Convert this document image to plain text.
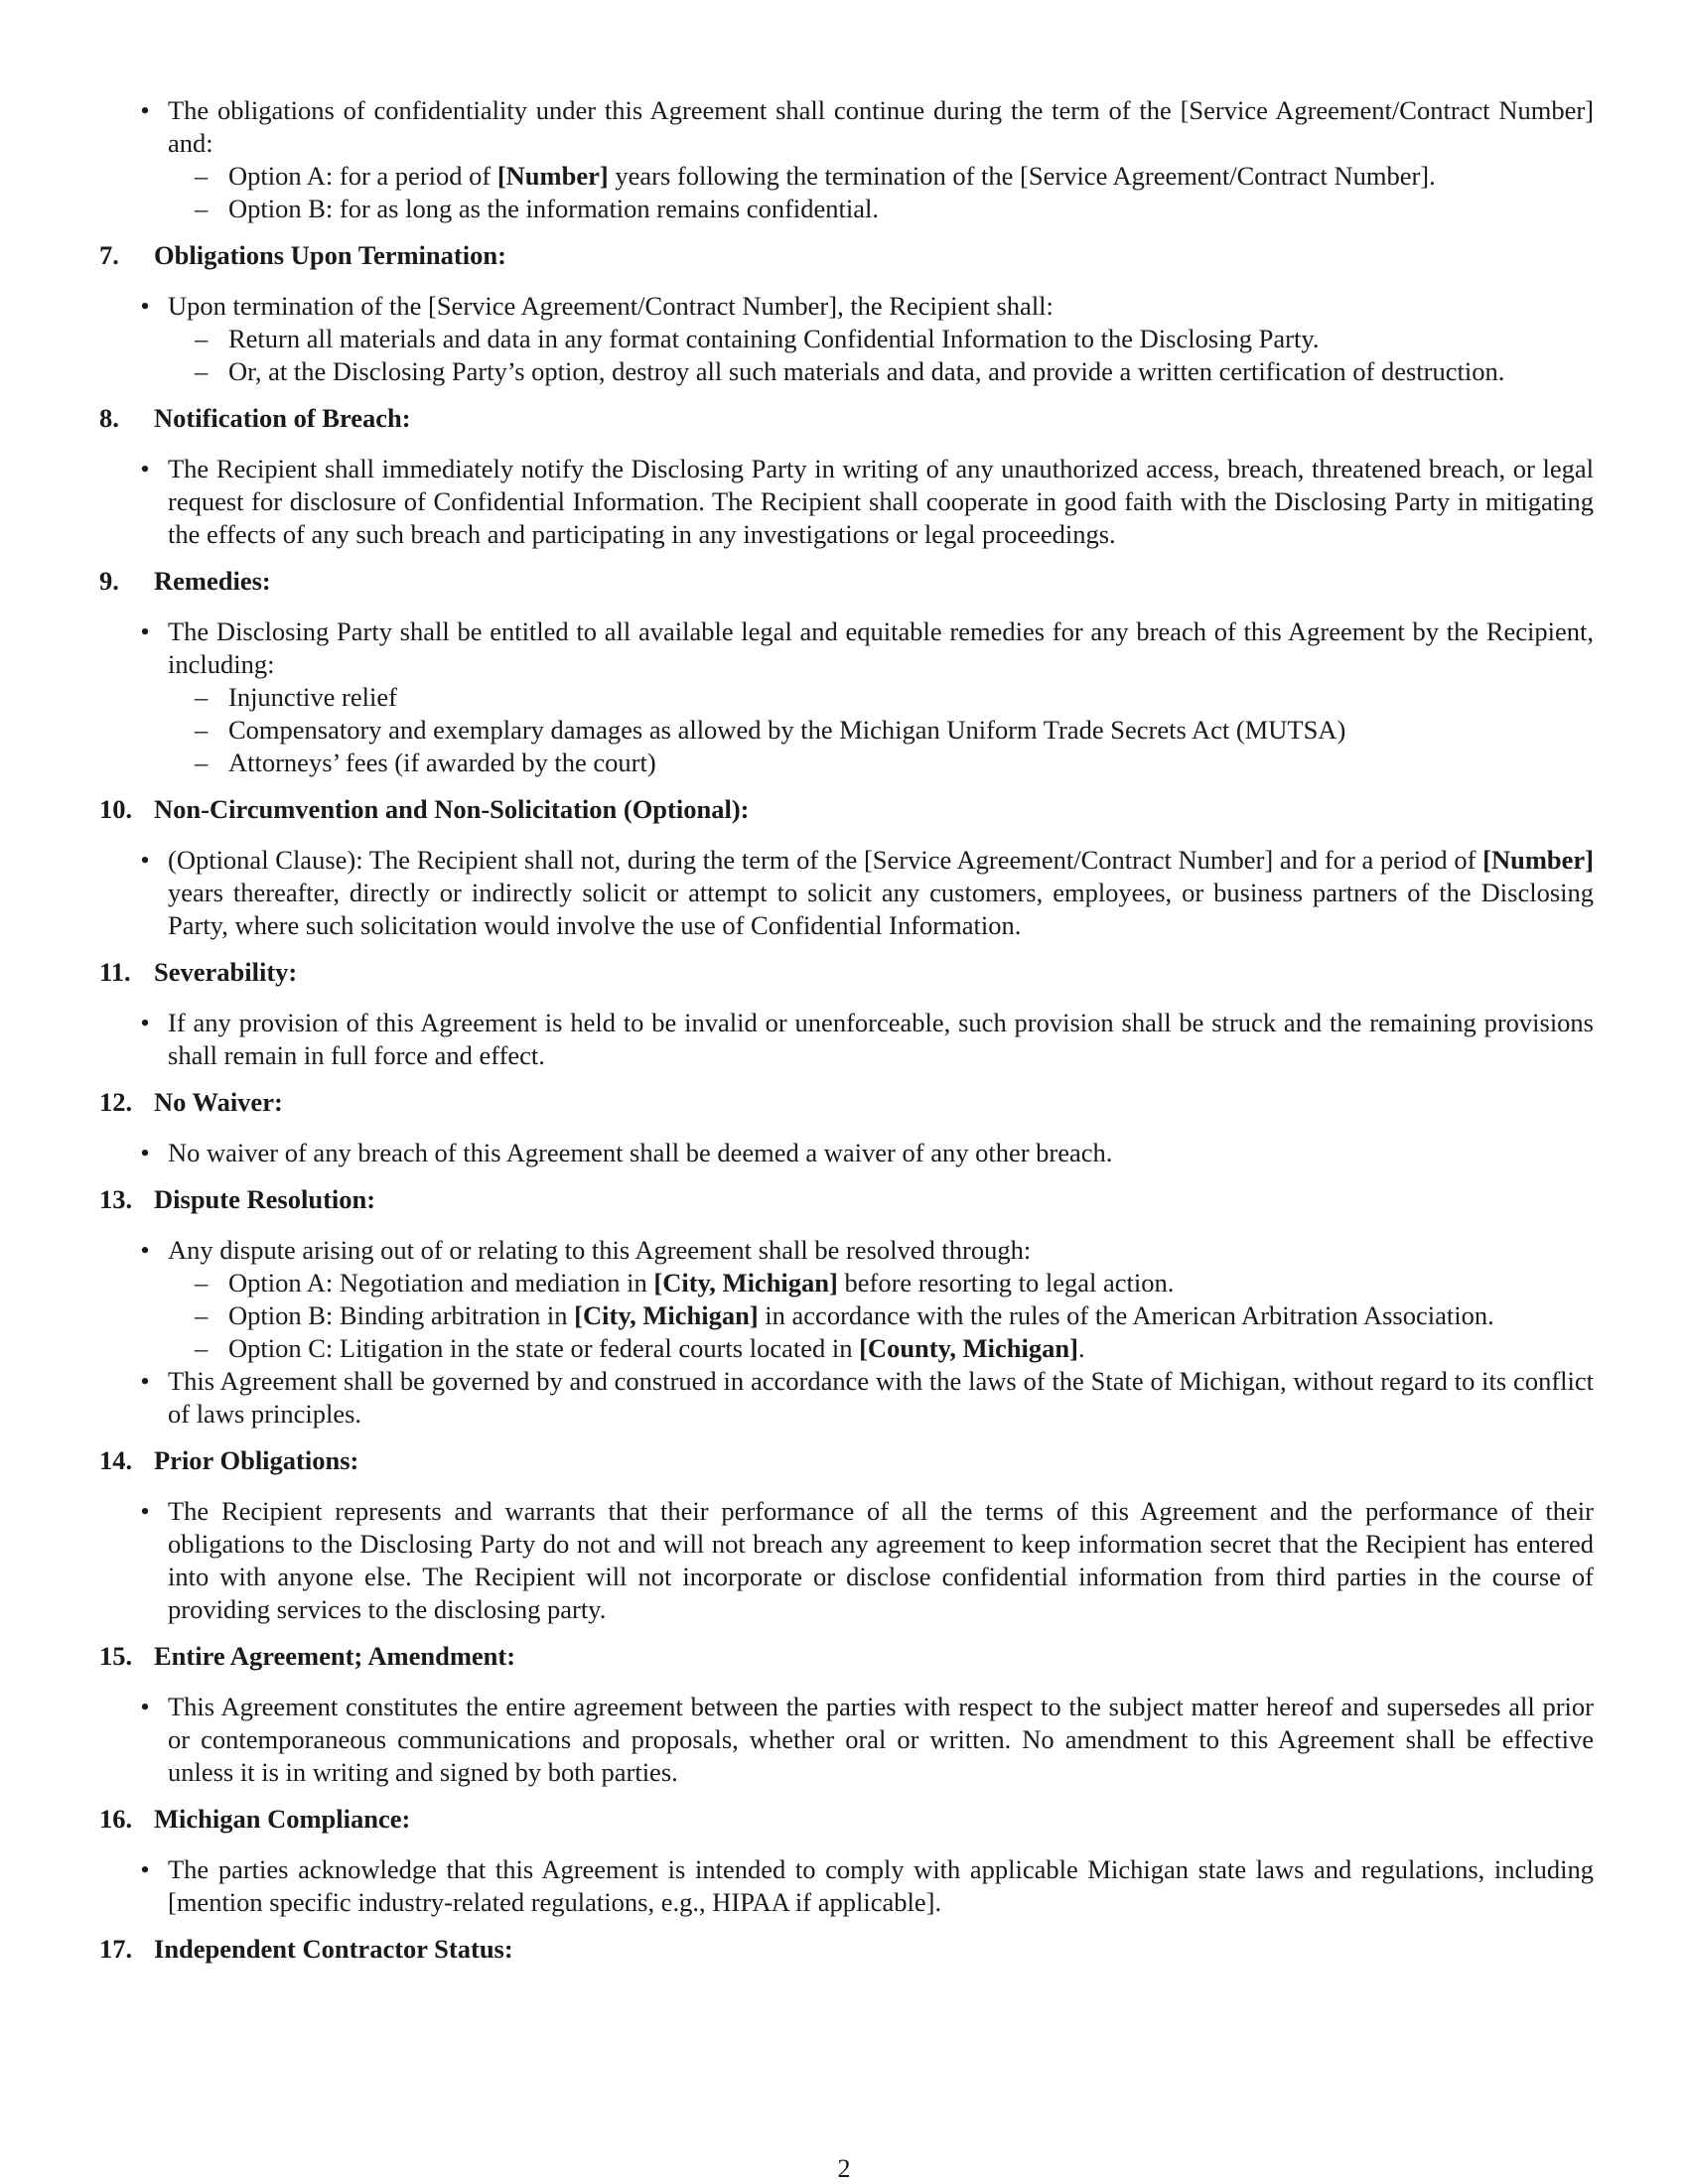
• The obligations of confidentiality under this Agreement shall continue during the term of the [Service Agreement/Contract Number] and:
– Option A: for a period of [Number] years following the termination of the [Service Agreement/Contract Number].
– Option B: for as long as the information remains confidential.
7. Obligations Upon Termination:
• Upon termination of the [Service Agreement/Contract Number], the Recipient shall:
– Return all materials and data in any format containing Confidential Information to the Disclosing Party.
– Or, at the Disclosing Party’s option, destroy all such materials and data, and provide a written certification of destruction.
8. Notification of Breach:
• The Recipient shall immediately notify the Disclosing Party in writing of any unauthorized access, breach, threatened breach, or legal request for disclosure of Confidential Information. The Recipient shall cooperate in good faith with the Disclosing Party in mitigating the effects of any such breach and participating in any investigations or legal proceedings.
9. Remedies:
• The Disclosing Party shall be entitled to all available legal and equitable remedies for any breach of this Agreement by the Recipient, including:
– Injunctive relief
– Compensatory and exemplary damages as allowed by the Michigan Uniform Trade Secrets Act (MUTSA)
– Attorneys’ fees (if awarded by the court)
10. Non-Circumvention and Non-Solicitation (Optional):
• (Optional Clause): The Recipient shall not, during the term of the [Service Agreement/Contract Number] and for a period of [Number] years thereafter, directly or indirectly solicit or attempt to solicit any customers, employees, or business partners of the Disclosing Party, where such solicitation would involve the use of Confidential Information.
11. Severability:
• If any provision of this Agreement is held to be invalid or unenforceable, such provision shall be struck and the remaining provisions shall remain in full force and effect.
12. No Waiver:
• No waiver of any breach of this Agreement shall be deemed a waiver of any other breach.
13. Dispute Resolution:
• Any dispute arising out of or relating to this Agreement shall be resolved through:
– Option A: Negotiation and mediation in [City, Michigan] before resorting to legal action.
– Option B: Binding arbitration in [City, Michigan] in accordance with the rules of the American Arbitration Association.
– Option C: Litigation in the state or federal courts located in [County, Michigan].
• This Agreement shall be governed by and construed in accordance with the laws of the State of Michigan, without regard to its conflict of laws principles.
14. Prior Obligations:
• The Recipient represents and warrants that their performance of all the terms of this Agreement and the performance of their obligations to the Disclosing Party do not and will not breach any agreement to keep information secret that the Recipient has entered into with anyone else. The Recipient will not incorporate or disclose confidential information from third parties in the course of providing services to the disclosing party.
15. Entire Agreement; Amendment:
• This Agreement constitutes the entire agreement between the parties with respect to the subject matter hereof and supersedes all prior or contemporaneous communications and proposals, whether oral or written. No amendment to this Agreement shall be effective unless it is in writing and signed by both parties.
16. Michigan Compliance:
• The parties acknowledge that this Agreement is intended to comply with applicable Michigan state laws and regulations, including [mention specific industry-related regulations, e.g., HIPAA if applicable].
17. Independent Contractor Status:
2
